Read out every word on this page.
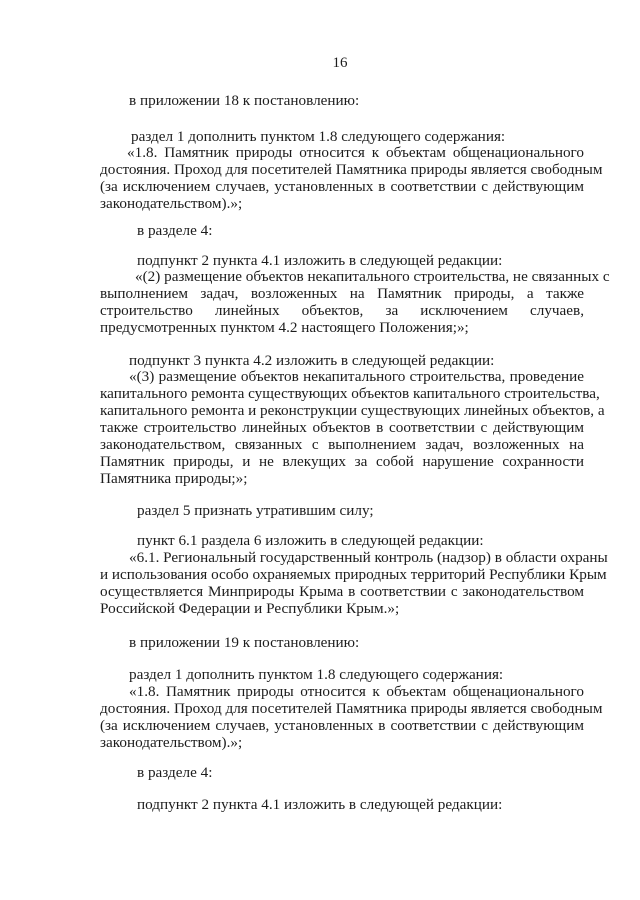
16
в приложении 18 к постановлению:
раздел 1 дополнить пунктом 1.8 следующего содержания:
«1.8. Памятник природы относится к объектам общенационального
достояния. Проход для посетителей Памятника природы является свободным
(за исключением случаев, установленных в соответствии с действующим
законодательством).»;
в разделе 4:
подпункт 2 пункта 4.1 изложить в следующей редакции:
«(2) размещение объектов некапитального строительства, не связанных с
выполнением задач, возложенных на Памятник природы, а также
строительство линейных объектов, за исключением случаев,
предусмотренных пунктом 4.2 настоящего Положения;»;
подпункт 3 пункта 4.2 изложить в следующей редакции:
«(3) размещение объектов некапитального строительства, проведение
капитального ремонта существующих объектов капитального строительства,
капитального ремонта и реконструкции существующих линейных объектов, а
также строительство линейных объектов в соответствии с действующим
законодательством, связанных с выполнением задач, возложенных на
Памятник природы, и не влекущих за собой нарушение сохранности
Памятника природы;»;
раздел 5 признать утратившим силу;
пункт 6.1 раздела 6 изложить в следующей редакции:
«6.1. Региональный государственный контроль (надзор) в области охраны
и использования особо охраняемых природных территорий Республики Крым
осуществляется Минприроды Крыма в соответствии с законодательством
Российской Федерации и Республики Крым.»;
в приложении 19 к постановлению:
раздел 1 дополнить пунктом 1.8 следующего содержания:
«1.8. Памятник природы относится к объектам общенационального
достояния. Проход для посетителей Памятника природы является свободным
(за исключением случаев, установленных в соответствии с действующим
законодательством).»;
в разделе 4:
подпункт 2 пункта 4.1 изложить в следующей редакции:
